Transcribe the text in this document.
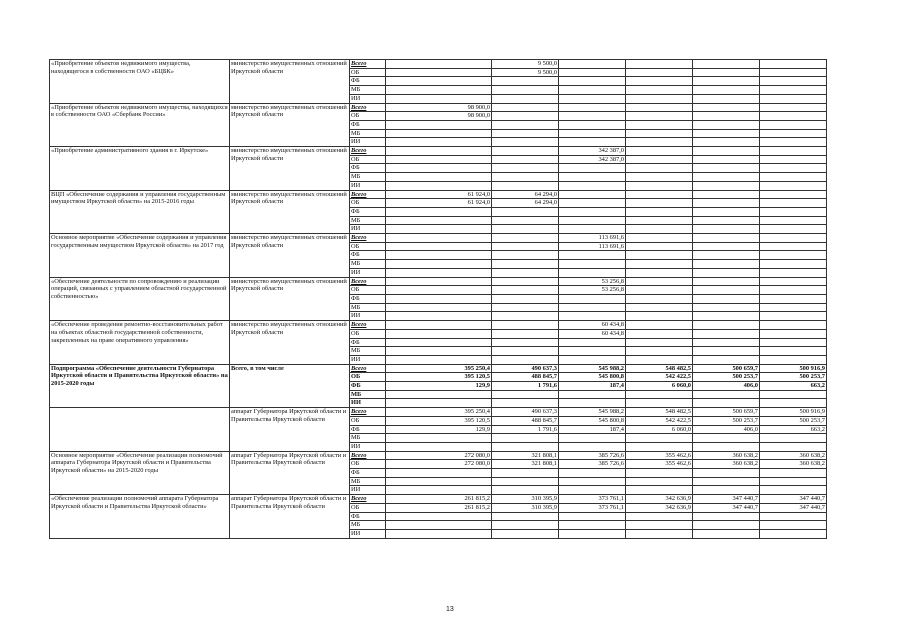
«Приобретение объектов недвижимого имущества, находящегося в собственности ОАО «БЦБК»	министерство имущественных отношений Иркутской области	Всего		9 500,0				
		ОБ		9 500,0				
		ФБ						
		МБ						
		ИИ						
«Приобретение объектов недвижимого имущества, находящихся в собственности ОАО «Сбербанк России»	министерство имущественных отношений Иркутской области	Всего	98 900,0					
		ОБ	98 900,0					
		ФБ						
		МБ						
		ИИ						
«Приобретение административного здания в г. Иркутске»	министерство имущественных отношений Иркутской области	Всего			342 387,0			
		ОБ			342 387,0			
		ФБ						
		МБ						
		ИИ						
ВЦП «Обеспечение содержания и управления государственным имуществом Иркутской области» на 2015-2016 годы	министерство имущественных отношений Иркутской области	Всего	61 924,0	64 294,0				
		ОБ	61 924,0	64 294,0				
		ФБ						
		МБ						
		ИИ						
Основное мероприятие «Обеспечение содержания и управления государственным имуществом Иркутской области» на 2017 год	министерство имущественных отношений Иркутской области	Всего			113 691,6			
		ОБ			113 691,6			
		ФБ						
		МБ						
		ИИ						
«Обеспечение деятельности по сопровождению и реализации операций, связанных с управлением областной государственной собственностью»	министерство имущественных отношений Иркутской области	Всего			53 256,8			
		ОБ			53 256,8			
		ФБ						
		МБ						
		ИИ						
«Обеспечение проведения ремонтно-восстановительных работ на объектах областной государственной собственности, закрепленных на праве оперативного управления»	министерство имущественных отношений Иркутской области	Всего			60 434,8			
		ОБ			60 434,8			
		ФБ						
		МБ						
		ИИ						
Подпрограмма «Обеспечение деятельности Губернатора Иркутской области и Правительства Иркутской области» на 2015-2020 годы	Всего, в том числе	Всего	395 250,4	490 637,3	545 988,2	548 482,5	500 659,7	500 916,9
		ОБ	395 120,5	488 845,7	545 800,8	542 422,5	500 253,7	500 253,7
		ФБ	129,9	1 791,6	187,4	6 060,0	406,0	663,2
		МБ						
		ИИ						
	аппарат Губернатора Иркутской области и Правительства Иркутской области	Всего	395 250,4	490 637,3	545 988,2	548 482,5	500 659,7	500 916,9
		ОБ	395 120,5	488 845,7	545 800,8	542 422,5	500 253,7	500 253,7
		ФБ	129,9	1 791,6	187,4	6 060,0	406,0	663,2
		МБ						
		ИИ						
Основное мероприятие «Обеспечение реализации полномочий аппарата Губернатора Иркутской области и Правительства Иркутской области» на 2015-2020 годы	аппарат Губернатора Иркутской области и Правительства Иркутской области	Всего	272 080,0	321 808,1	385 726,6	355 462,6	360 638,2	360 638,2
		ОБ	272 080,0	321 808,1	385 726,6	355 462,6	360 638,2	360 638,2
		ФБ						
		МБ						
		ИИ						
«Обеспечение реализации полномочий аппарата Губернатора Иркутской области и Правительства Иркутской области»	аппарат Губернатора Иркутской области и Правительства Иркутской области	Всего	261 815,2	310 395,9	373 761,1	342 636,9	347 440,7	347 440,7
		ОБ	261 815,2	310 395,9	373 761,1	342 636,9	347 440,7	347 440,7
		ФБ						
		МБ						
		ИИ						
13
